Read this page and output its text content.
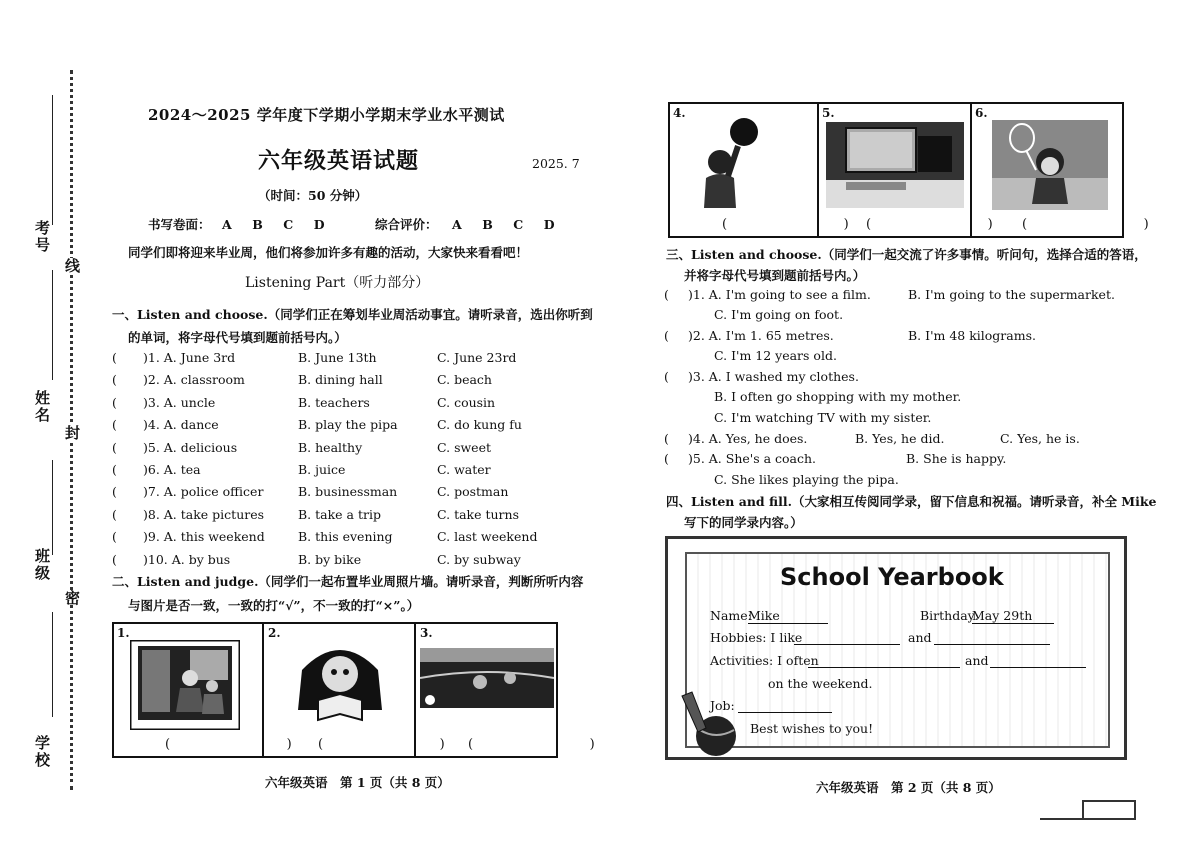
线
封
密
考号
姓名
班级
学校
2024～2025 学年度下学期小学期末学业水平测试
六年级英语试题	2025. 7
（时间：50 分钟）
书写卷面： A　B　C　D	综合评价： A　B　C　D
同学们即将迎来毕业周，他们将参加许多有趣的活动，大家快来看看吧！
Listening Part（听力部分）
一、Listen and choose.（同学们正在筹划毕业周活动事宜。请听录音，选出你听到
的单词，将字母代号填到题前括号内。）
( )1. A. June 3rd	B. June 13th	C. June 23rd
( )2. A. classroom	B. dining hall	C. beach
( )3. A. uncle	B. teachers	C. cousin
( )4. A. dance	B. play the pipa	C. do kung fu
( )5. A. delicious	B. healthy	C. sweet
( )6. A. tea	B. juice	C. water
( )7. A. police officer	B. businessman	C. postman
( )8. A. take pictures	B. take a trip	C. take turns
( )9. A. this weekend	B. this evening	C. last weekend
( )10. A. by bus	B. by bike	C. by subway
二、Listen and judge.（同学们一起布置毕业周照片墙。请听录音，判断所听内容
与图片是否一致，一致的打“√”，不一致的打“×”。）
1.	2.	3.
(    ) (    ) (    )
六年级英语　第 1 页（共 8 页）
4.	5.	6.
(    )
(    ) (    )
三、Listen and choose.（同学们一起交流了许多事情。听问句，选择合适的答语，
并将字母代号填到题前括号内。）
( )1. A. I'm going to see a film.	B. I'm going to the supermarket.
C. I'm going on foot.
( )2. A. I'm 1. 65 metres.	B. I'm 48 kilograms.
C. I'm 12 years old.
( )3. A. I washed my clothes.
B. I often go shopping with my mother.
C. I'm watching TV with my sister.
( )4. A. Yes, he does.	B. Yes, he did.	C. Yes, he is.
( )5. A. She's a coach.	B. She is happy.
C. She likes playing the pipa.
四、Listen and fill.（大家相互传阅同学录，留下信息和祝福。请听录音，补全 Mike
写下的同学录内容。）
School Yearbook
Name:
Mike	Birthday:
May 29th
Hobbies: I like	and
Activities: I often	and
on the weekend.
Job:
Best wishes to you!
六年级英语　第 2 页（共 8 页）
